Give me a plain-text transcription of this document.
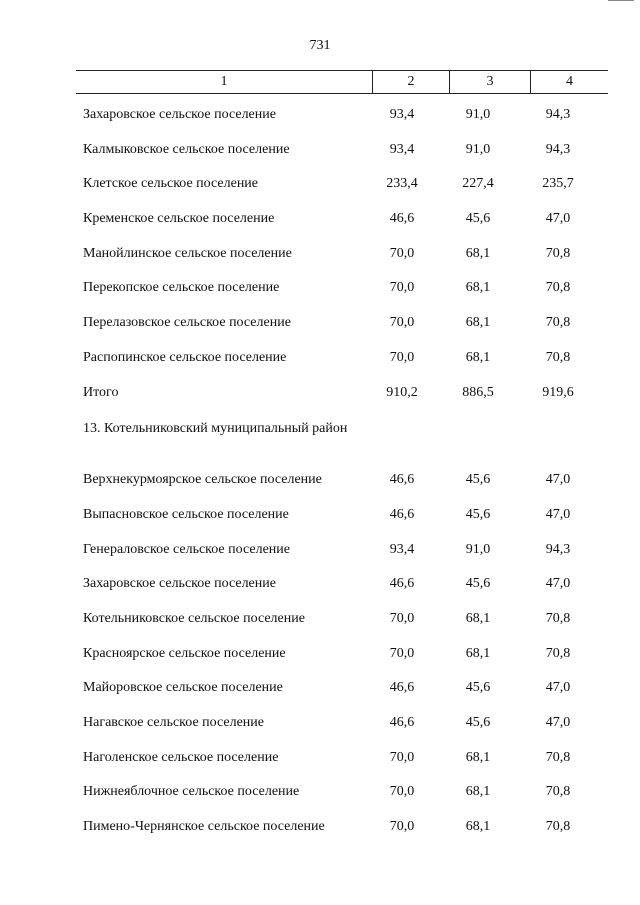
731
1	2	3	4
Захаровское сельское поселение	93,4	91,0	94,3
Калмыковское сельское поселение	93,4	91,0	94,3
Клетское сельское поселение	233,4	227,4	235,7
Кременское сельское поселение	46,6	45,6	47,0
Манойлинское сельское поселение	70,0	68,1	70,8
Перекопское сельское поселение	70,0	68,1	70,8
Перелазовское сельское поселение	70,0	68,1	70,8
Распопинское сельское поселение	70,0	68,1	70,8
Итого	910,2	886,5	919,6
13. Котельниковский муниципальный район
Верхнекурмоярское сельское поселение	46,6	45,6	47,0
Выпасновское сельское поселение	46,6	45,6	47,0
Генераловское сельское поселение	93,4	91,0	94,3
Захаровское сельское поселение	46,6	45,6	47,0
Котельниковское сельское поселение	70,0	68,1	70,8
Красноярское сельское поселение	70,0	68,1	70,8
Майоровское сельское поселение	46,6	45,6	47,0
Нагавское сельское поселение	46,6	45,6	47,0
Наголенское сельское поселение	70,0	68,1	70,8
Нижнеяблочное сельское поселение	70,0	68,1	70,8
Пимено-Чернянское сельское поселение	70,0	68,1	70,8
